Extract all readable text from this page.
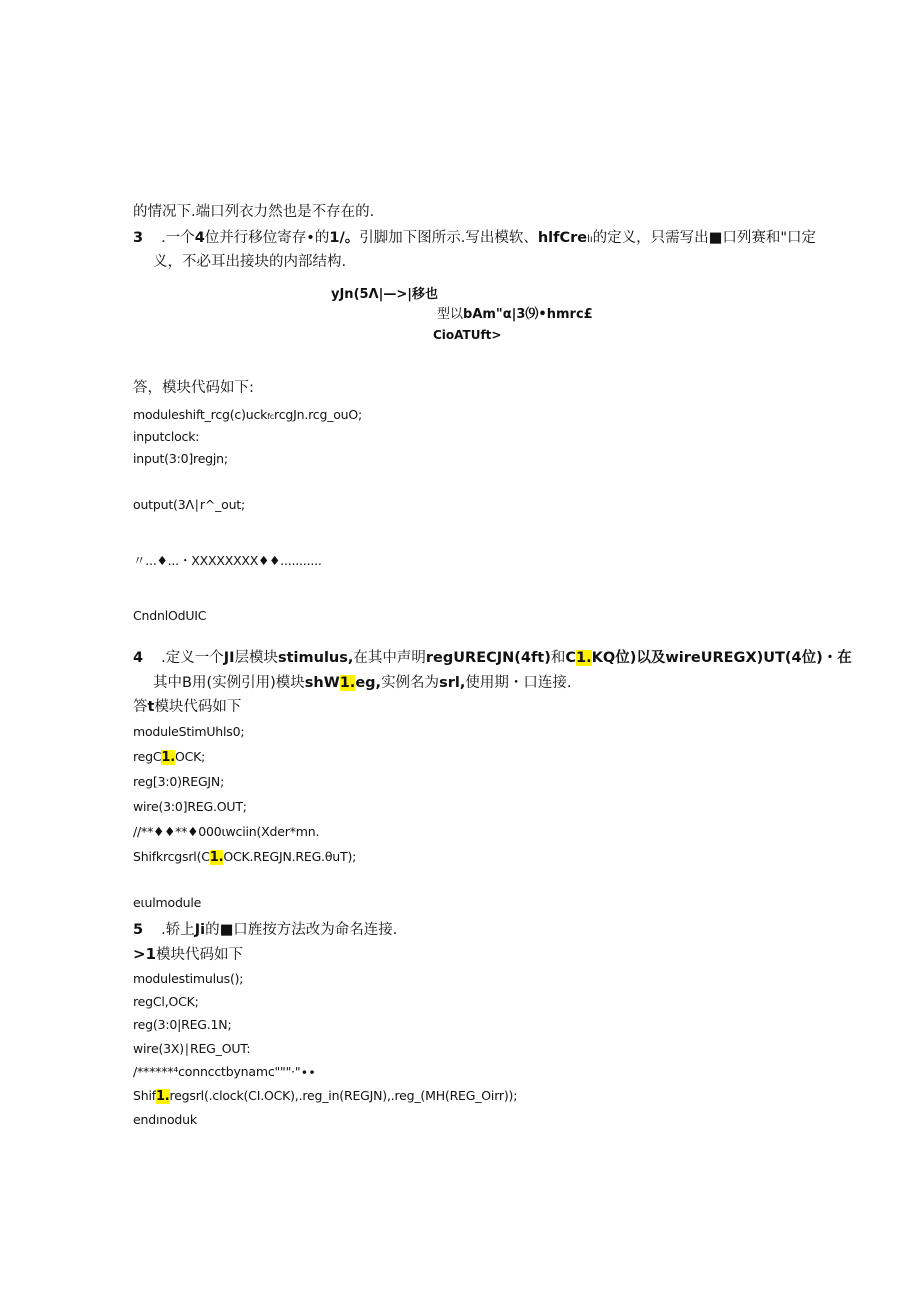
的情况下.端口列衣力然也是不存在的.
3 .一个4位并行移位寄存•的1/。引脚加下图所示.写出模软、hlfCrelı的定义，只需写出■口列赛和"口定
义，不必耳出接块的内部结构.
yJn(5Λ|—>|移也
型以bAm"α|3⑼•hmrc£
CioATUft>
答，模块代码如下:
moduleshift_rcg(c)uckfcrcgJn.rcg_ouO;
inputclock:
input(3:0]regjn;
output(3Λ∣r^_out;
〃...♦...・XXXXXXXX♦♦...........
CndnlOdUIC
4 .定义一个JI层模块stimulus,在其中声明regURECJN(4ft)和C1.KQ位)以及wireUREGX)UT(4位)・在
其中B用(实例引用)模块shW1.eg,实例名为srl,使用期・口连接.
答t模块代码如下
moduleStimUhls0;
regC1.OCK;
reg[3:0)REGJN;
wire(3:0]REG.OUT;
//**♦♦**♦000ιwciin(Xder*mn.
Shifkrcgsrl(C1.OCK.REGJN.REG.θuT);
eιulmodule
5 .轿上Ji的■口旌按方法改为命名连接.
>1模块代码如下
modulestimulus();
regCl,OCK;
reg(3:0|REG.1N;
wire(3X)∣REG_OUT:
/******⁴conncctbynamc"""·"∙∙
Shif1.regsrl(.clock(CI.OCK),.reg_in(REGJN),.reg_(MH(REG_Oirr));
endınoduk
